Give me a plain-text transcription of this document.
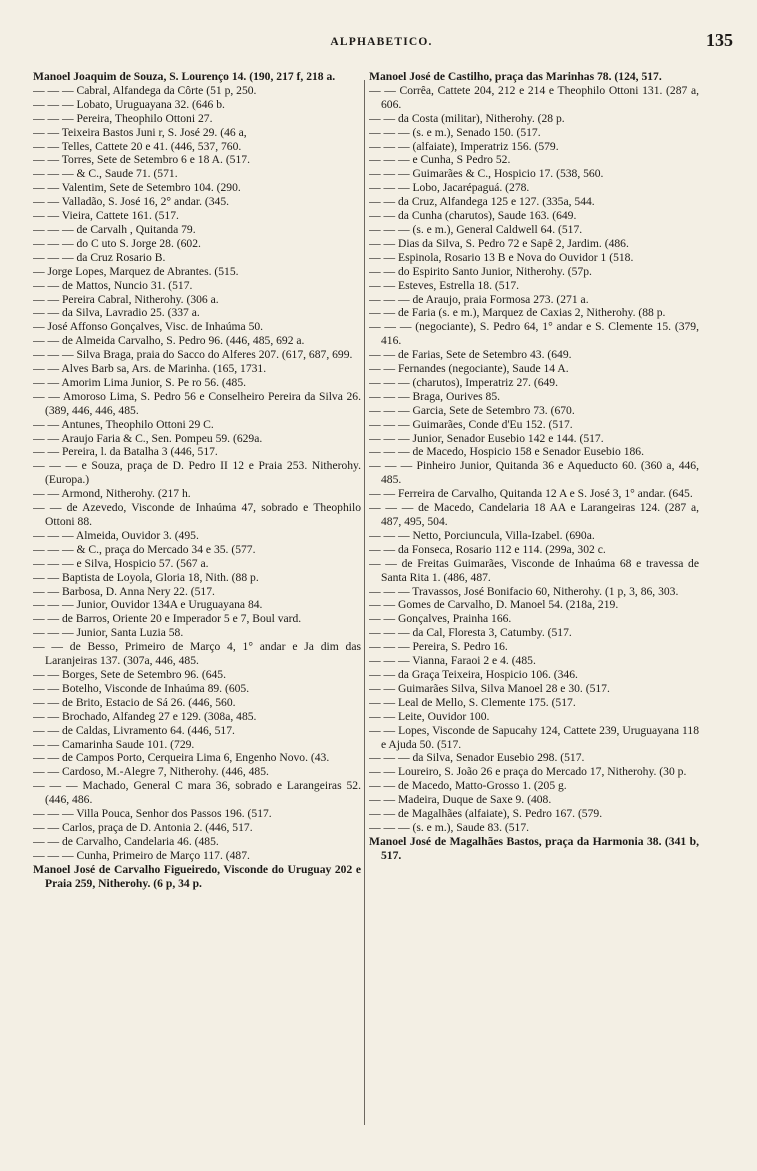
ALPHABETICO.	135

Manoel Joaquim de Souza, S. Lourenço 14. (190, 217 f, 218 a.

— — — Cabral, Alfandega da Côrte (51 p, 250.

— — — Lobato, Uruguayana 32. (646 b.

— — — Pereira, Theophilo Ottoni 27.

— — Teixeira Bastos Juni r, S. José 29. (46 a,

— — Telles, Cattete 20 e 41. (446, 537, 760.

— — Torres, Sete de Setembro 6 e 18 A. (517.

— — — & C., Saude 71. (571.

— — Valentim, Sete de Setembro 104. (290.

— — Valladão, S. José 16, 2° andar. (345.

— — Vieira, Cattete 161. (517.

— — — de Carvalh , Quitanda 79.

— — — do C uto S. Jorge 28. (602.

— — — da Cruz Rosario B.

— Jorge Lopes, Marquez de Abrantes. (515.

— — de Mattos, Nuncio 31. (517.

— — Pereira Cabral, Nitherohy. (306 a.

— — da Silva, Lavradio 25. (337 a.

— José Affonso Gonçalves, Visc. de Inhaúma 50.

— — de Almeida Carvalho, S. Pedro 96. (446, 485, 692 a.

— — — Silva Braga, praia do Sacco do Alferes 207. (617, 687, 699.

— — Alves Barb sa, Ars. de Marinha. (165, 1731.

— — Amorim Lima Junior, S. Pe ro 56. (485.

— — Amoroso Lima, S. Pedro 56 e Conselheiro Pereira da Silva 26. (389, 446, 446, 485.

— — Antunes, Theophilo Ottoni 29 C.

— — Araujo Faria & C., Sen. Pompeu 59. (629a.

— — Pereira, l. da Batalha 3 (446, 517.

— — — e Souza, praça de D. Pedro II 12 e Praia 253. Nitherohy. (Europa.)

— — Armond, Nitherohy. (217 h.

— — de Azevedo, Visconde de Inhaúma 47, sobrado e Theophilo Ottoni 88.

— — — Almeida, Ouvidor 3. (495.

— — — & C., praça do Mercado 34 e 35. (577.

— — — e Silva, Hospicio 57. (567 a.

— — Baptista de Loyola, Gloria 18, Nith. (88 p.

— — Barbosa, D. Anna Nery 22. (517.

— — — Junior, Ouvidor 134A e Uruguayana 84.

— — de Barros, Oriente 20 e Imperador 5 e 7, Boul vard.

— — — Junior, Santa Luzia 58.

— — de Besso, Primeiro de Março 4, 1° andar e Ja dim das Laranjeiras 137. (307a, 446, 485.

— — Borges, Sete de Setembro 96. (645.

— — Botelho, Visconde de Inhaúma 89. (605.

— — de Brito, Estacio de Sá 26. (446, 560.

— — Brochado, Alfandeg 27 e 129. (308a, 485.

— — de Caldas, Livramento 64. (446, 517.

— — Camarinha Saude 101. (729.

— — de Campos Porto, Cerqueira Lima 6, Engenho Novo. (43.

— — Cardoso, M.-Alegre 7, Nitherohy. (446, 485.

— — — Machado, General C mara 36, sobrado e Larangeiras 52. (446, 486.

— — — Villa Pouca, Senhor dos Passos 196. (517.

— — Carlos, praça de D. Antonia 2. (446, 517.

— — de Carvalho, Candelaria 46. (485.

— — — Cunha, Primeiro de Março 117. (487.

Manoel José de Carvalho Figueiredo, Visconde do Uruguay 202 e Praia 259, Nitherohy. (6 p, 34 p.

Manoel José de Castilho, praça das Marinhas 78. (124, 517.

— — Corrêa, Cattete 204, 212 e 214 e Theophilo Ottoni 131. (287 a, 606.

— — da Costa (militar), Nitherohy. (28 p.

— — — (s. e m.), Senado 150. (517.

— — — (alfaiate), Imperatriz 156. (579.

— — — e Cunha, S Pedro 52.

— — — Guimarães & C., Hospicio 17. (538, 560.

— — — Lobo, Jacarépaguá. (278.

— — da Cruz, Alfandega 125 e 127. (335a, 544.

— — da Cunha (charutos), Saude 163. (649.

— — — (s. e m.), General Caldwell 64. (517.

— — Dias da Silva, S. Pedro 72 e Sapê 2, Jardim. (486.

— — Espinola, Rosario 13 B e Nova do Ouvidor 1 (518.

— — do Espirito Santo Junior, Nitherohy. (57p.

— — Esteves, Estrella 18. (517.

— — — de Araujo, praia Formosa 273. (271 a.

— — de Faria (s. e m.), Marquez de Caxias 2, Nitherohy. (88 p.

— — — (negociante), S. Pedro 64, 1° andar e S. Clemente 15. (379, 416.

— — de Farias, Sete de Setembro 43. (649.

— — Fernandes (negociante), Saude 14 A.

— — — (charutos), Imperatriz 27. (649.

— — — Braga, Ourives 85.

— — — Garcia, Sete de Setembro 73. (670.

— — — Guimarães, Conde d'Eu 152. (517.

— — — Junior, Senador Eusebio 142 e 144. (517.

— — — de Macedo, Hospicio 158 e Senador Eusebio 186.

— — — Pinheiro Junior, Quitanda 36 e Aqueducto 60. (360 a, 446, 485.

— — Ferreira de Carvalho, Quitanda 12 A e S. José 3, 1° andar. (645.

— — — de Macedo, Candelaria 18 AA e Larangeiras 124. (287 a, 487, 495, 504.

— — — Netto, Porciuncula, Villa-Izabel. (690a.

— — da Fonseca, Rosario 112 e 114. (299a, 302 c.

— — de Freitas Guimarães, Visconde de Inhaúma 68 e travessa de Santa Rita 1. (486, 487.

— — — Travassos, José Bonifacio 60, Nitherohy. (1 p, 3, 86, 303.

— — Gomes de Carvalho, D. Manoel 54. (218a, 219.

— — Gonçalves, Prainha 166.

— — — da Cal, Floresta 3, Catumby. (517.

— — — Pereira, S. Pedro 16.

— — — Vianna, Faraoi 2 e 4. (485.

— — da Graça Teixeira, Hospicio 106. (346.

— — Guimarães Silva, Silva Manoel 28 e 30. (517.

— — Leal de Mello, S. Clemente 175. (517.

— — Leite, Ouvidor 100.

— — Lopes, Visconde de Sapucahy 124, Cattete 239, Uruguayana 118 e Ajuda 50. (517.

— — — da Silva, Senador Eusebio 298. (517.

— — Loureiro, S. João 26 e praça do Mercado 17, Nitherohy. (30 p.

— — de Macedo, Matto-Grosso 1. (205 g.

— — Madeira, Duque de Saxe 9. (408.

— — de Magalhães (alfaiate), S. Pedro 167. (579.

— — — (s. e m.), Saude 83. (517.

Manoel José de Magalhães Bastos, praça da Harmonia 38. (341 b, 517.
